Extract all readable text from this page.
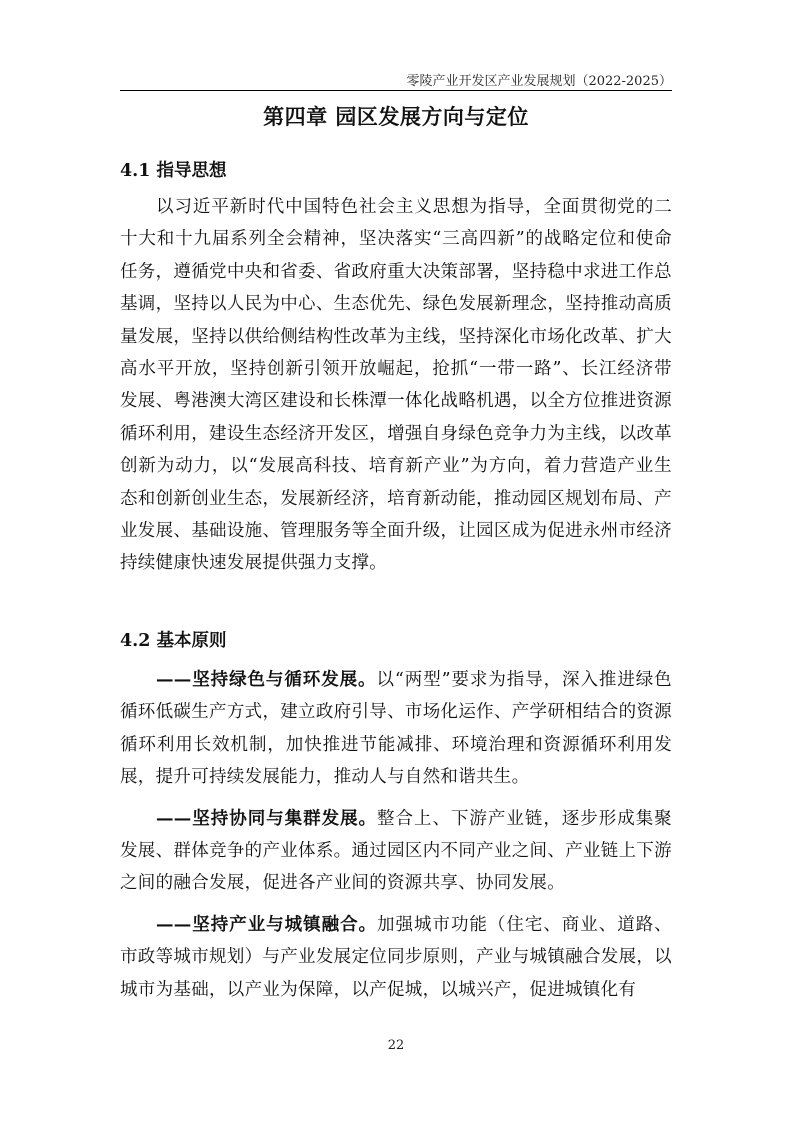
零陵产业开发区产业发展规划（2022-2025）
第四章 园区发展方向与定位

4.1 指导思想

以习近平新时代中国特色社会主义思想为指导，全面贯彻党的二十大和十九届系列全会精神，坚决落实“三高四新”的战略定位和使命任务，遵循党中央和省委、省政府重大决策部署，坚持稳中求进工作总基调，坚持以人民为中心、生态优先、绿色发展新理念，坚持推动高质量发展，坚持以供给侧结构性改革为主线，坚持深化市场化改革、扩大高水平开放，坚持创新引领开放崛起，抢抓“一带一路”、长江经济带发展、粤港澳大湾区建设和长株潭一体化战略机遇，以全方位推进资源循环利用，建设生态经济开发区，增强自身绿色竞争力为主线，以改革创新为动力，以“发展高科技、培育新产业”为方向，着力营造产业生态和创新创业生态，发展新经济，培育新动能，推动园区规划布局、产业发展、基础设施、管理服务等全面升级，让园区成为促进永州市经济持续健康快速发展提供强力支撑。

4.2 基本原则

——坚持绿色与循环发展。以“两型”要求为指导，深入推进绿色循环低碳生产方式，建立政府引导、市场化运作、产学研相结合的资源循环利用长效机制，加快推进节能减排、环境治理和资源循环利用发展，提升可持续发展能力，推动人与自然和谐共生。

——坚持协同与集群发展。整合上、下游产业链，逐步形成集聚发展、群体竞争的产业体系。通过园区内不同产业之间、产业链上下游之间的融合发展，促进各产业间的资源共享、协同发展。

——坚持产业与城镇融合。加强城市功能（住宅、商业、道路、市政等城市规划）与产业发展定位同步原则，产业与城镇融合发展，以城市为基础，以产业为保障，以产促城，以城兴产，促进城镇化有

22
